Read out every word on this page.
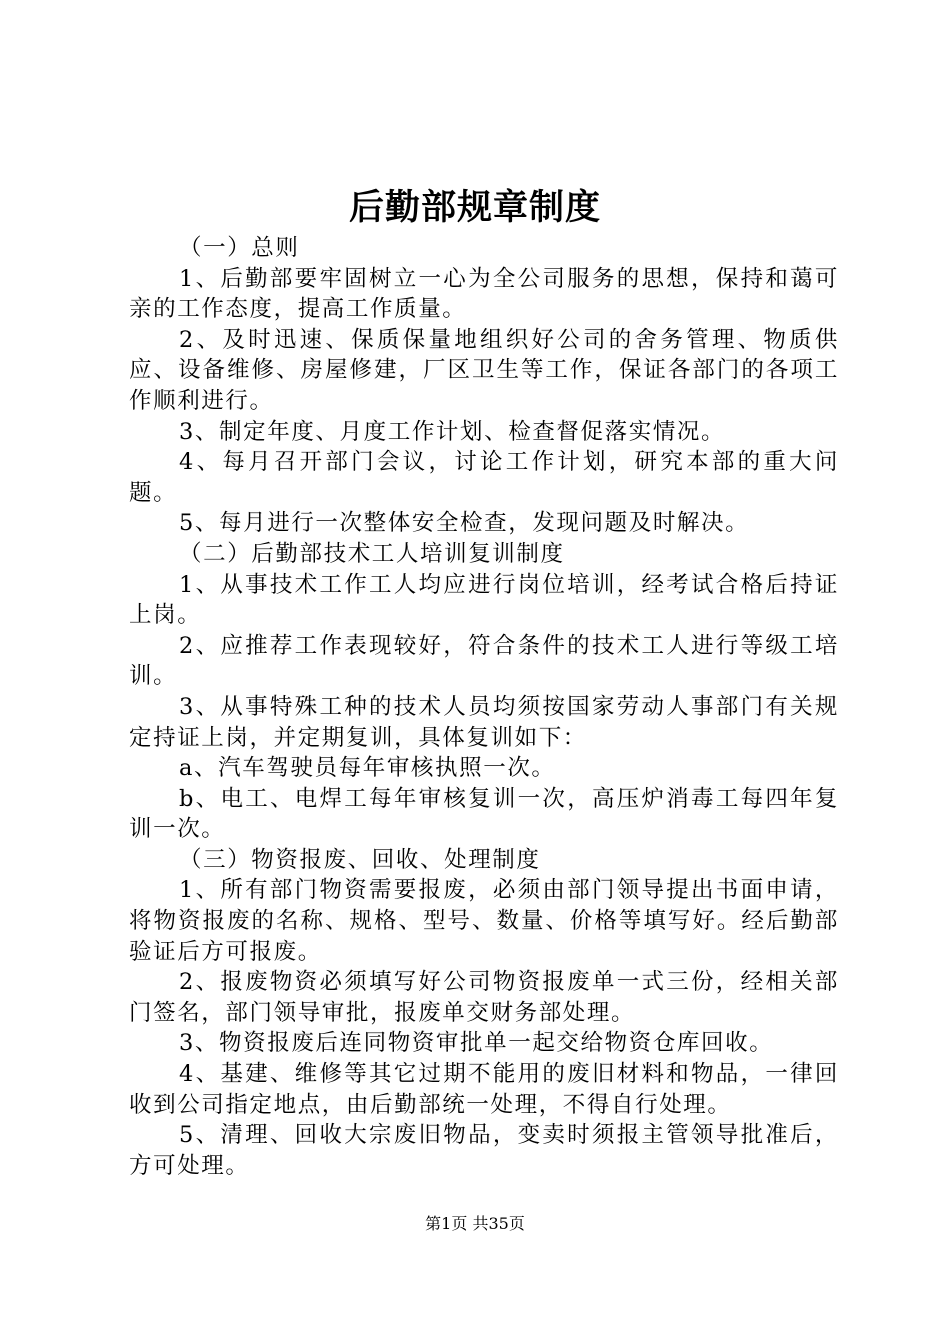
后勤部规章制度

（一）总则

1、后勤部要牢固树立一心为全公司服务的思想，保持和蔼可亲的工作态度，提高工作质量。

2、及时迅速、保质保量地组织好公司的舍务管理、物质供应、设备维修、房屋修建，厂区卫生等工作，保证各部门的各项工作顺利进行。

3、制定年度、月度工作计划、检查督促落实情况。

4、每月召开部门会议，讨论工作计划，研究本部的重大问题。

5、每月进行一次整体安全检查，发现问题及时解决。

（二）后勤部技术工人培训复训制度

1、从事技术工作工人均应进行岗位培训，经考试合格后持证上岗。

2、应推荐工作表现较好，符合条件的技术工人进行等级工培训。

3、从事特殊工种的技术人员均须按国家劳动人事部门有关规定持证上岗，并定期复训，具体复训如下：

a、汽车驾驶员每年审核执照一次。

b、电工、电焊工每年审核复训一次，高压炉消毒工每四年复训一次。

（三）物资报废、回收、处理制度

1、所有部门物资需要报废，必须由部门领导提出书面申请，将物资报废的名称、规格、型号、数量、价格等填写好。经后勤部验证后方可报废。

2、报废物资必须填写好公司物资报废单一式三份，经相关部门签名，部门领导审批，报废单交财务部处理。

3、物资报废后连同物资审批单一起交给物资仓库回收。

4、基建、维修等其它过期不能用的废旧材料和物品，一律回收到公司指定地点，由后勤部统一处理，不得自行处理。

5、清理、回收大宗废旧物品，变卖时须报主管领导批准后，方可处理。

第1页 共35页
